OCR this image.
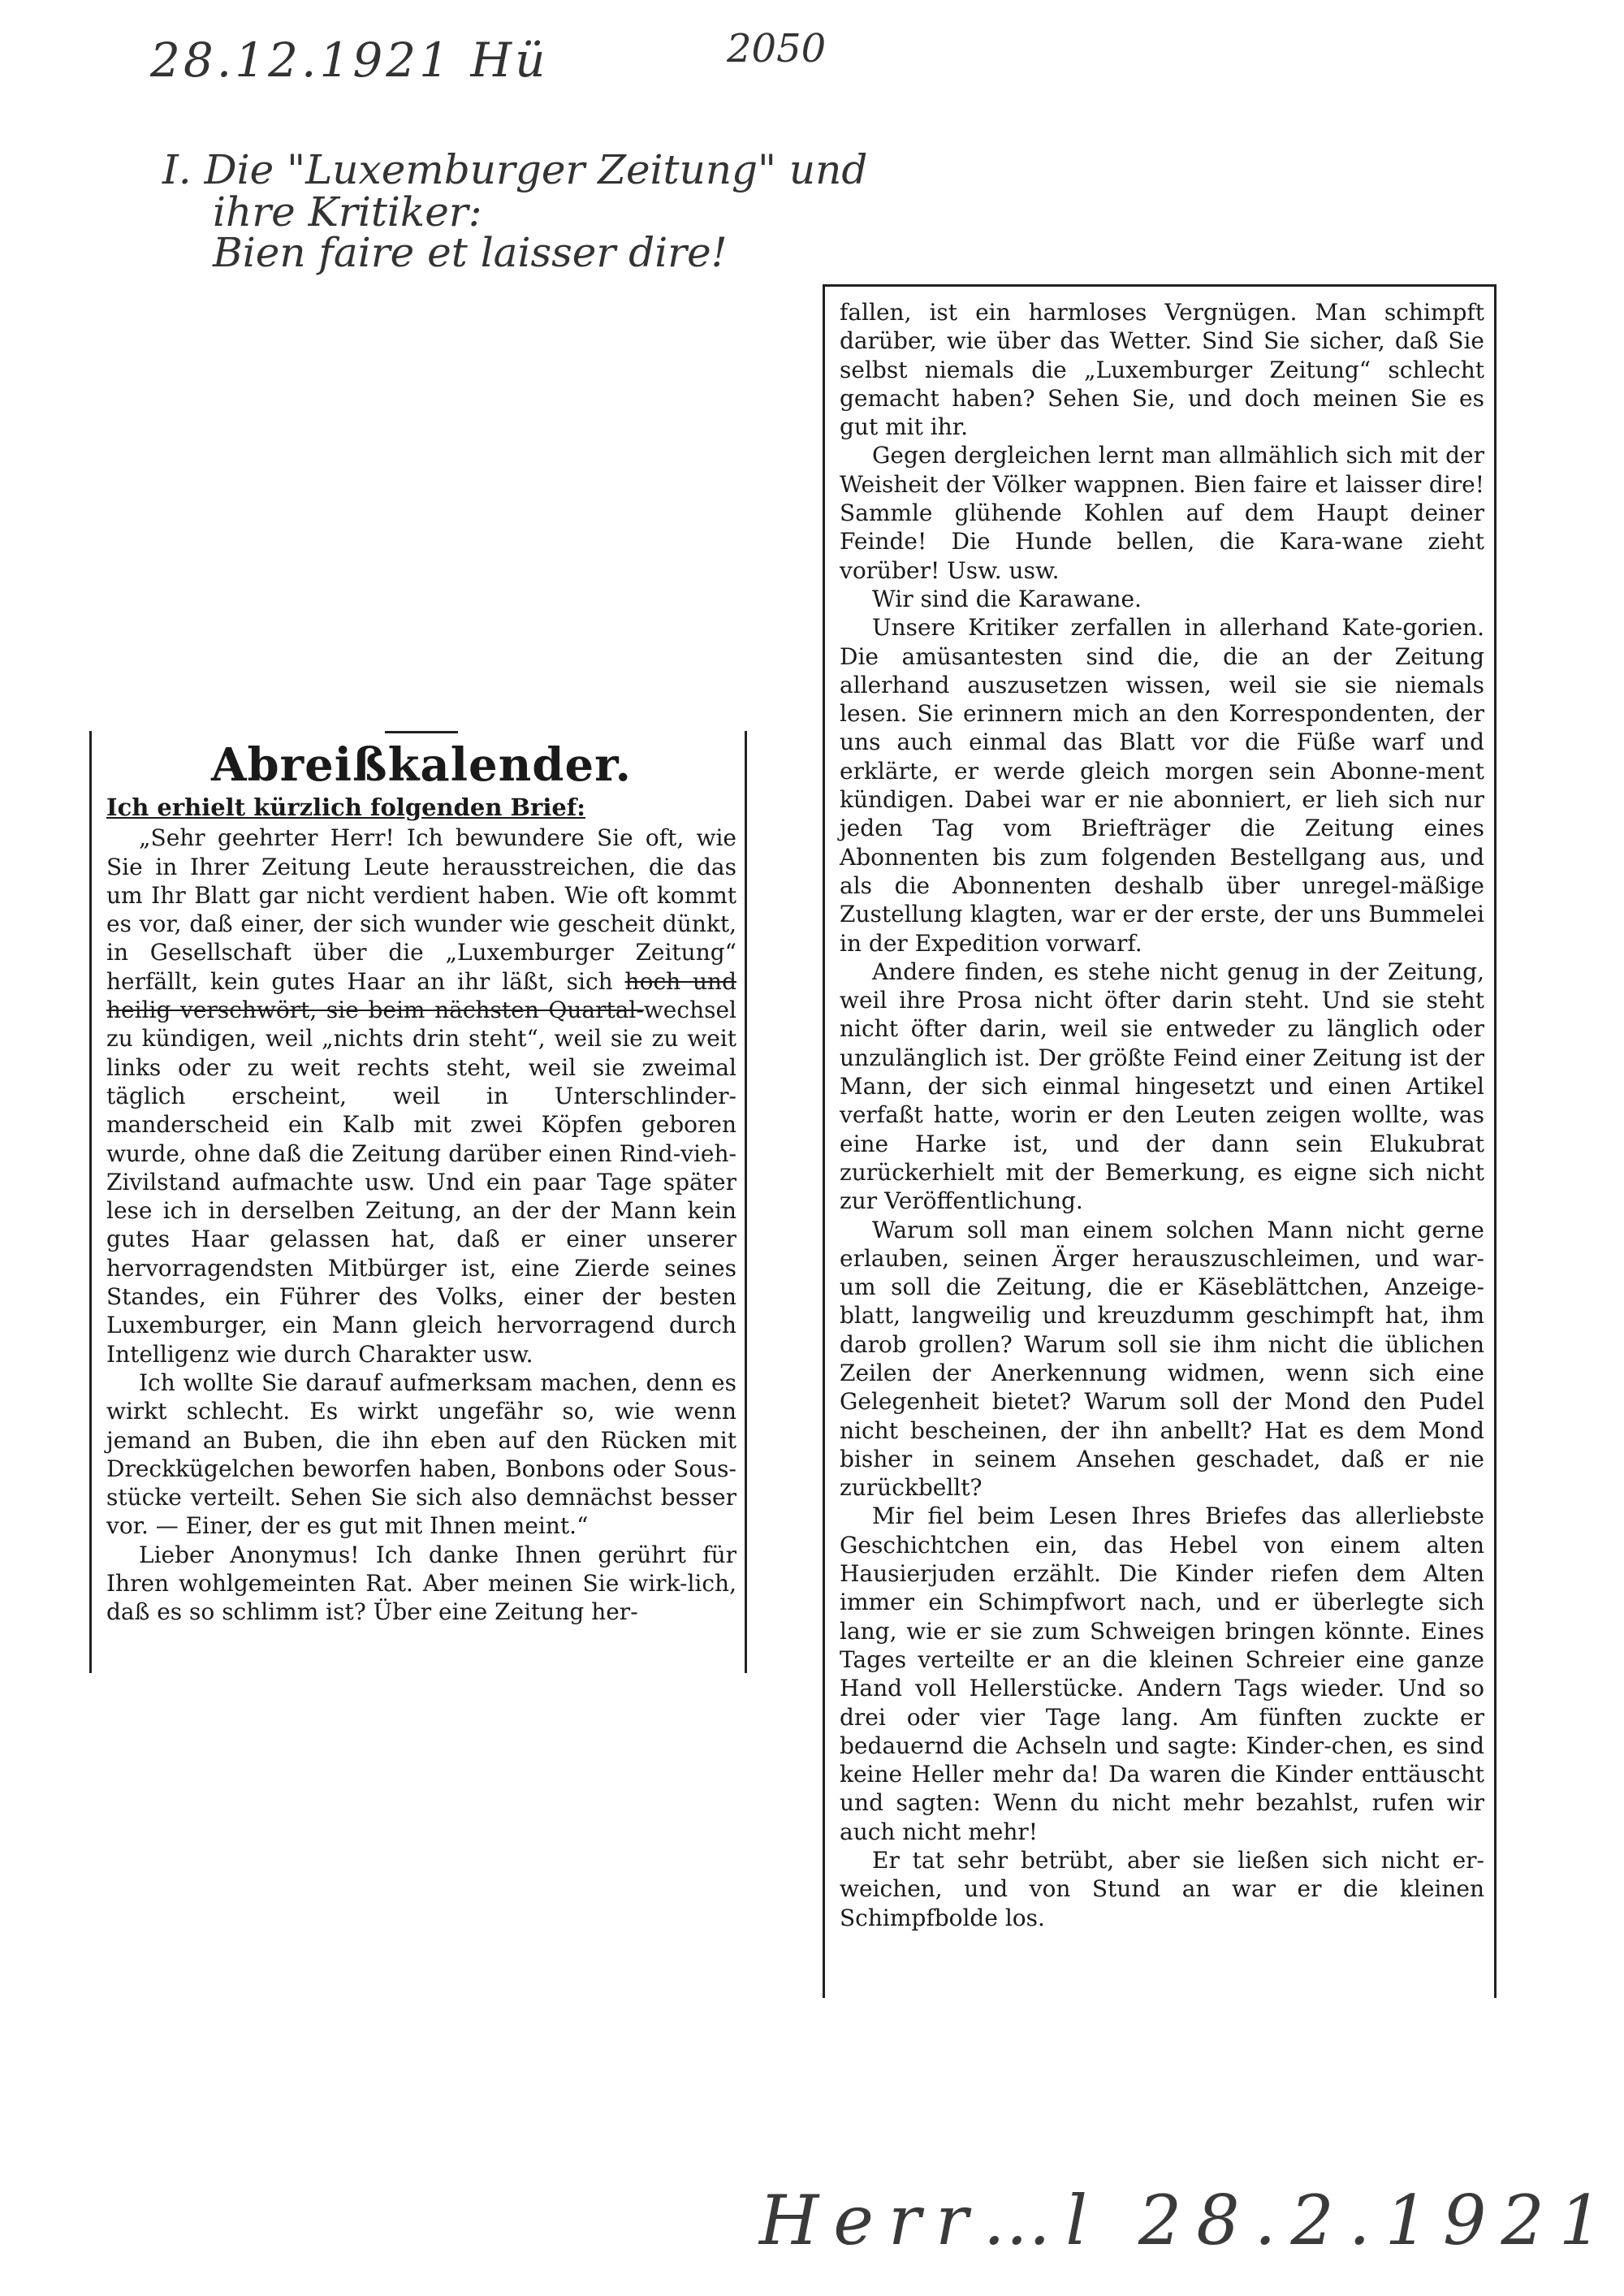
28.12.1921 Hü	2050
I. Die "Luxemburger Zeitung" und
ihre Kritiker:
Bien faire et laisser dire!
Abreißkalender.
Ich erhielt kürzlich folgenden Brief:

„Sehr geehrter Herr! Ich bewundere Sie oft, wie Sie in Ihrer Zeitung Leute herausstreichen, die das um Ihr Blatt gar nicht verdient haben. Wie oft kommt es vor, daß einer, der sich wunder wie gescheit dünkt, in Gesellschaft über die „Luxemburger Zeitung“ herfällt, kein gutes Haar an ihr läßt, sich hoch und heilig verschwört, sie beim nächsten Quartal-wechsel zu kündigen, weil „nichts drin steht“, weil sie zu weit links oder zu weit rechts steht, weil sie zweimal täglich erscheint, weil in Unterschlinder-manderscheid ein Kalb mit zwei Köpfen geboren wurde, ohne daß die Zeitung darüber einen Rind-vieh-Zivilstand aufmachte usw. Und ein paar Tage später lese ich in derselben Zeitung, an der der Mann kein gutes Haar gelassen hat, daß er einer unserer hervorragendsten Mitbürger ist, eine Zierde seines Standes, ein Führer des Volks, einer der besten Luxemburger, ein Mann gleich hervorragend durch Intelligenz wie durch Charakter usw.

Ich wollte Sie darauf aufmerksam machen, denn es wirkt schlecht. Es wirkt ungefähr so, wie wenn jemand an Buben, die ihn eben auf den Rücken mit Dreckkügelchen beworfen haben, Bonbons oder Sous-stücke verteilt. Sehen Sie sich also demnächst besser vor. — Einer, der es gut mit Ihnen meint.“

Lieber Anonymus! Ich danke Ihnen gerührt für Ihren wohlgemeinten Rat. Aber meinen Sie wirk-lich, daß es so schlimm ist? Über eine Zeitung her-

fallen, ist ein harmloses Vergnügen. Man schimpft darüber, wie über das Wetter. Sind Sie sicher, daß Sie selbst niemals die „Luxemburger Zeitung“ schlecht gemacht haben? Sehen Sie, und doch meinen Sie es gut mit ihr.

Gegen dergleichen lernt man allmählich sich mit der Weisheit der Völker wappnen. Bien faire et laisser dire! Sammle glühende Kohlen auf dem Haupt deiner Feinde! Die Hunde bellen, die Kara-wane zieht vorüber! Usw. usw.

Wir sind die Karawane.

Unsere Kritiker zerfallen in allerhand Kate-gorien. Die amüsantesten sind die, die an der Zeitung allerhand auszusetzen wissen, weil sie sie niemals lesen. Sie erinnern mich an den Korrespondenten, der uns auch einmal das Blatt vor die Füße warf und erklärte, er werde gleich morgen sein Abonne-ment kündigen. Dabei war er nie abonniert, er lieh sich nur jeden Tag vom Briefträger die Zeitung eines Abonnenten bis zum folgenden Bestellgang aus, und als die Abonnenten deshalb über unregel-mäßige Zustellung klagten, war er der erste, der uns Bummelei in der Expedition vorwarf.

Andere finden, es stehe nicht genug in der Zeitung, weil ihre Prosa nicht öfter darin steht. Und sie steht nicht öfter darin, weil sie entweder zu länglich oder unzulänglich ist. Der größte Feind einer Zeitung ist der Mann, der sich einmal hingesetzt und einen Artikel verfaßt hatte, worin er den Leuten zeigen wollte, was eine Harke ist, und der dann sein Elukubrat zurückerhielt mit der Bemerkung, es eigne sich nicht zur Veröffentlichung.

Warum soll man einem solchen Mann nicht gerne erlauben, seinen Ärger herauszuschleimen, und war-um soll die Zeitung, die er Käseblättchen, Anzeige-blatt, langweilig und kreuzdumm geschimpft hat, ihm darob grollen? Warum soll sie ihm nicht die üblichen Zeilen der Anerkennung widmen, wenn sich eine Gelegenheit bietet? Warum soll der Mond den Pudel nicht bescheinen, der ihn anbellt? Hat es dem Mond bisher in seinem Ansehen geschadet, daß er nie zurückbellt?

Mir fiel beim Lesen Ihres Briefes das allerliebste Geschichtchen ein, das Hebel von einem alten Hausierjuden erzählt. Die Kinder riefen dem Alten immer ein Schimpfwort nach, und er überlegte sich lang, wie er sie zum Schweigen bringen könnte. Eines Tages verteilte er an die kleinen Schreier eine ganze Hand voll Hellerstücke. Andern Tags wieder. Und so drei oder vier Tage lang. Am fünften zuckte er bedauernd die Achseln und sagte: Kinder-chen, es sind keine Heller mehr da! Da waren die Kinder enttäuscht und sagten: Wenn du nicht mehr bezahlst, rufen wir auch nicht mehr!

Er tat sehr betrübt, aber sie ließen sich nicht er-weichen, und von Stund an war er die kleinen Schimpfbolde los.

Herr…l 28.2.1921
